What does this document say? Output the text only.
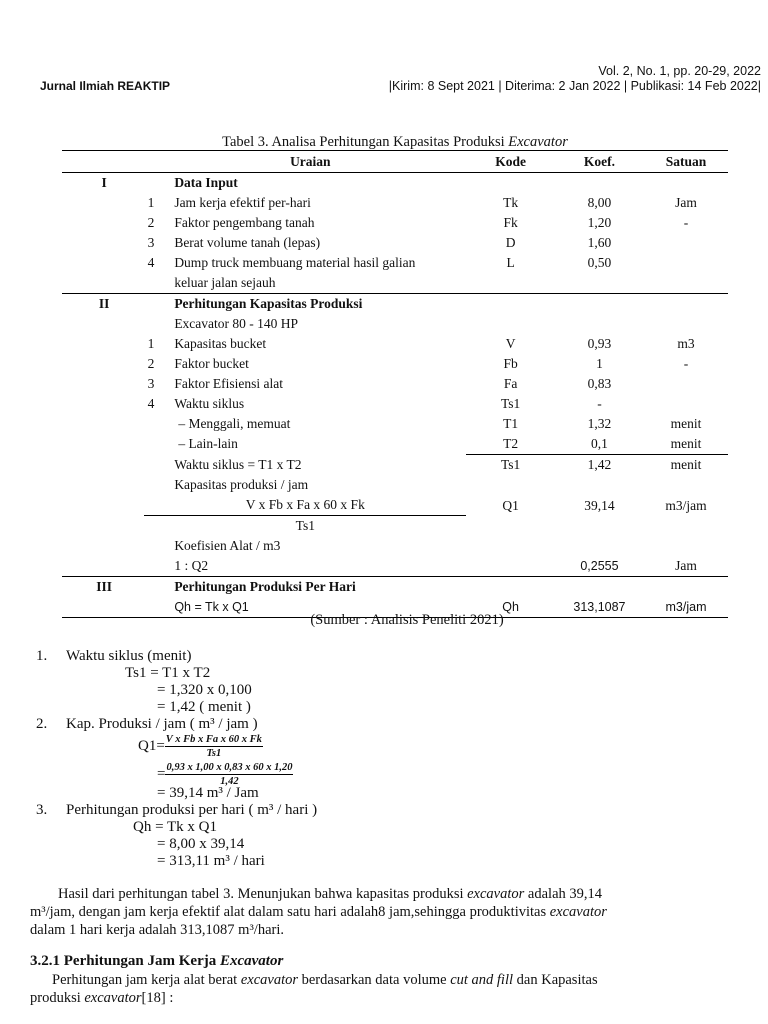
Jurnal Ilmiah REAKTIP
Vol. 2, No. 1, pp. 20-29, 2022
|Kirim: 8 Sept 2021 | Diterima: 2 Jan 2022 | Publikasi: 14 Feb 2022|
Tabel 3. Analisa Perhitungan Kapasitas Produksi Excavator
		Uraian	Kode	Koef.	Satuan
I		Data Input			
	1	Jam kerja efektif per-hari	Tk	8,00	Jam
	2	Faktor pengembang tanah	Fk	1,20	-
	3	Berat volume tanah (lepas)	D	1,60	
	4	Dump truck membuang material hasil galian	L	0,50	
		keluar jalan sejauh			
II		Perhitungan Kapasitas Produksi			
		Excavator 80 - 140 HP			
	1	Kapasitas bucket	V	0,93	m3
	2	Faktor bucket	Fb	1	-
	3	Faktor Efisiensi alat	Fa	0,83	
	4	Waktu siklus	Ts1	-	
		– Menggali, memuat	T1	1,32	menit
		– Lain-lain	T2	0,1	menit
		Waktu siklus = T1 x T2	Ts1	1,42	menit
		Kapasitas produksi / jam			
		V x Fb x Fa x 60 x Fk	Q1	39,14	m3/jam
		Ts1			
		Koefisien Alat / m3			
		1 : Q2		0,2555	Jam
III		Perhitungan Produksi Per Hari			
		Qh = Tk x Q1	Qh	313,1087	m3/jam
(Sumber : Analisis Peneliti 2021)
1. Waktu siklus (menit)
Ts1 = T1 x T2
= 1,320 x 0,100
= 1,42 ( menit )
2. Kap. Produksi / jam ( m³ / jam )
$Q1= \frac{\text{V x Fb x Fa x 60 x Fk}}{Ts1}$
= $\frac{0,93 x 1,00 x 0,83 x 60 x 1,20}{1,42}$
= 39,14 m³ / Jam
3. Perhitungan produksi per hari ( m³ / hari )
Qh = Tk x Q1
= 8,00 x 39,14
= 313,11 m³ / hari
Hasil dari perhitungan tabel 3. Menunjukan bahwa kapasitas produksi excavator adalah 39,14
m³/jam, dengan jam kerja efektif alat dalam satu hari adalah8 jam,sehingga produktivitas excavator
dalam 1 hari kerja adalah 313,1087 m³/hari.
3.2.1 Perhitungan Jam Kerja Excavator
Perhitungan jam kerja alat berat excavator berdasarkan data volume cut and fill dan Kapasitas
produksi excavator[18] :
